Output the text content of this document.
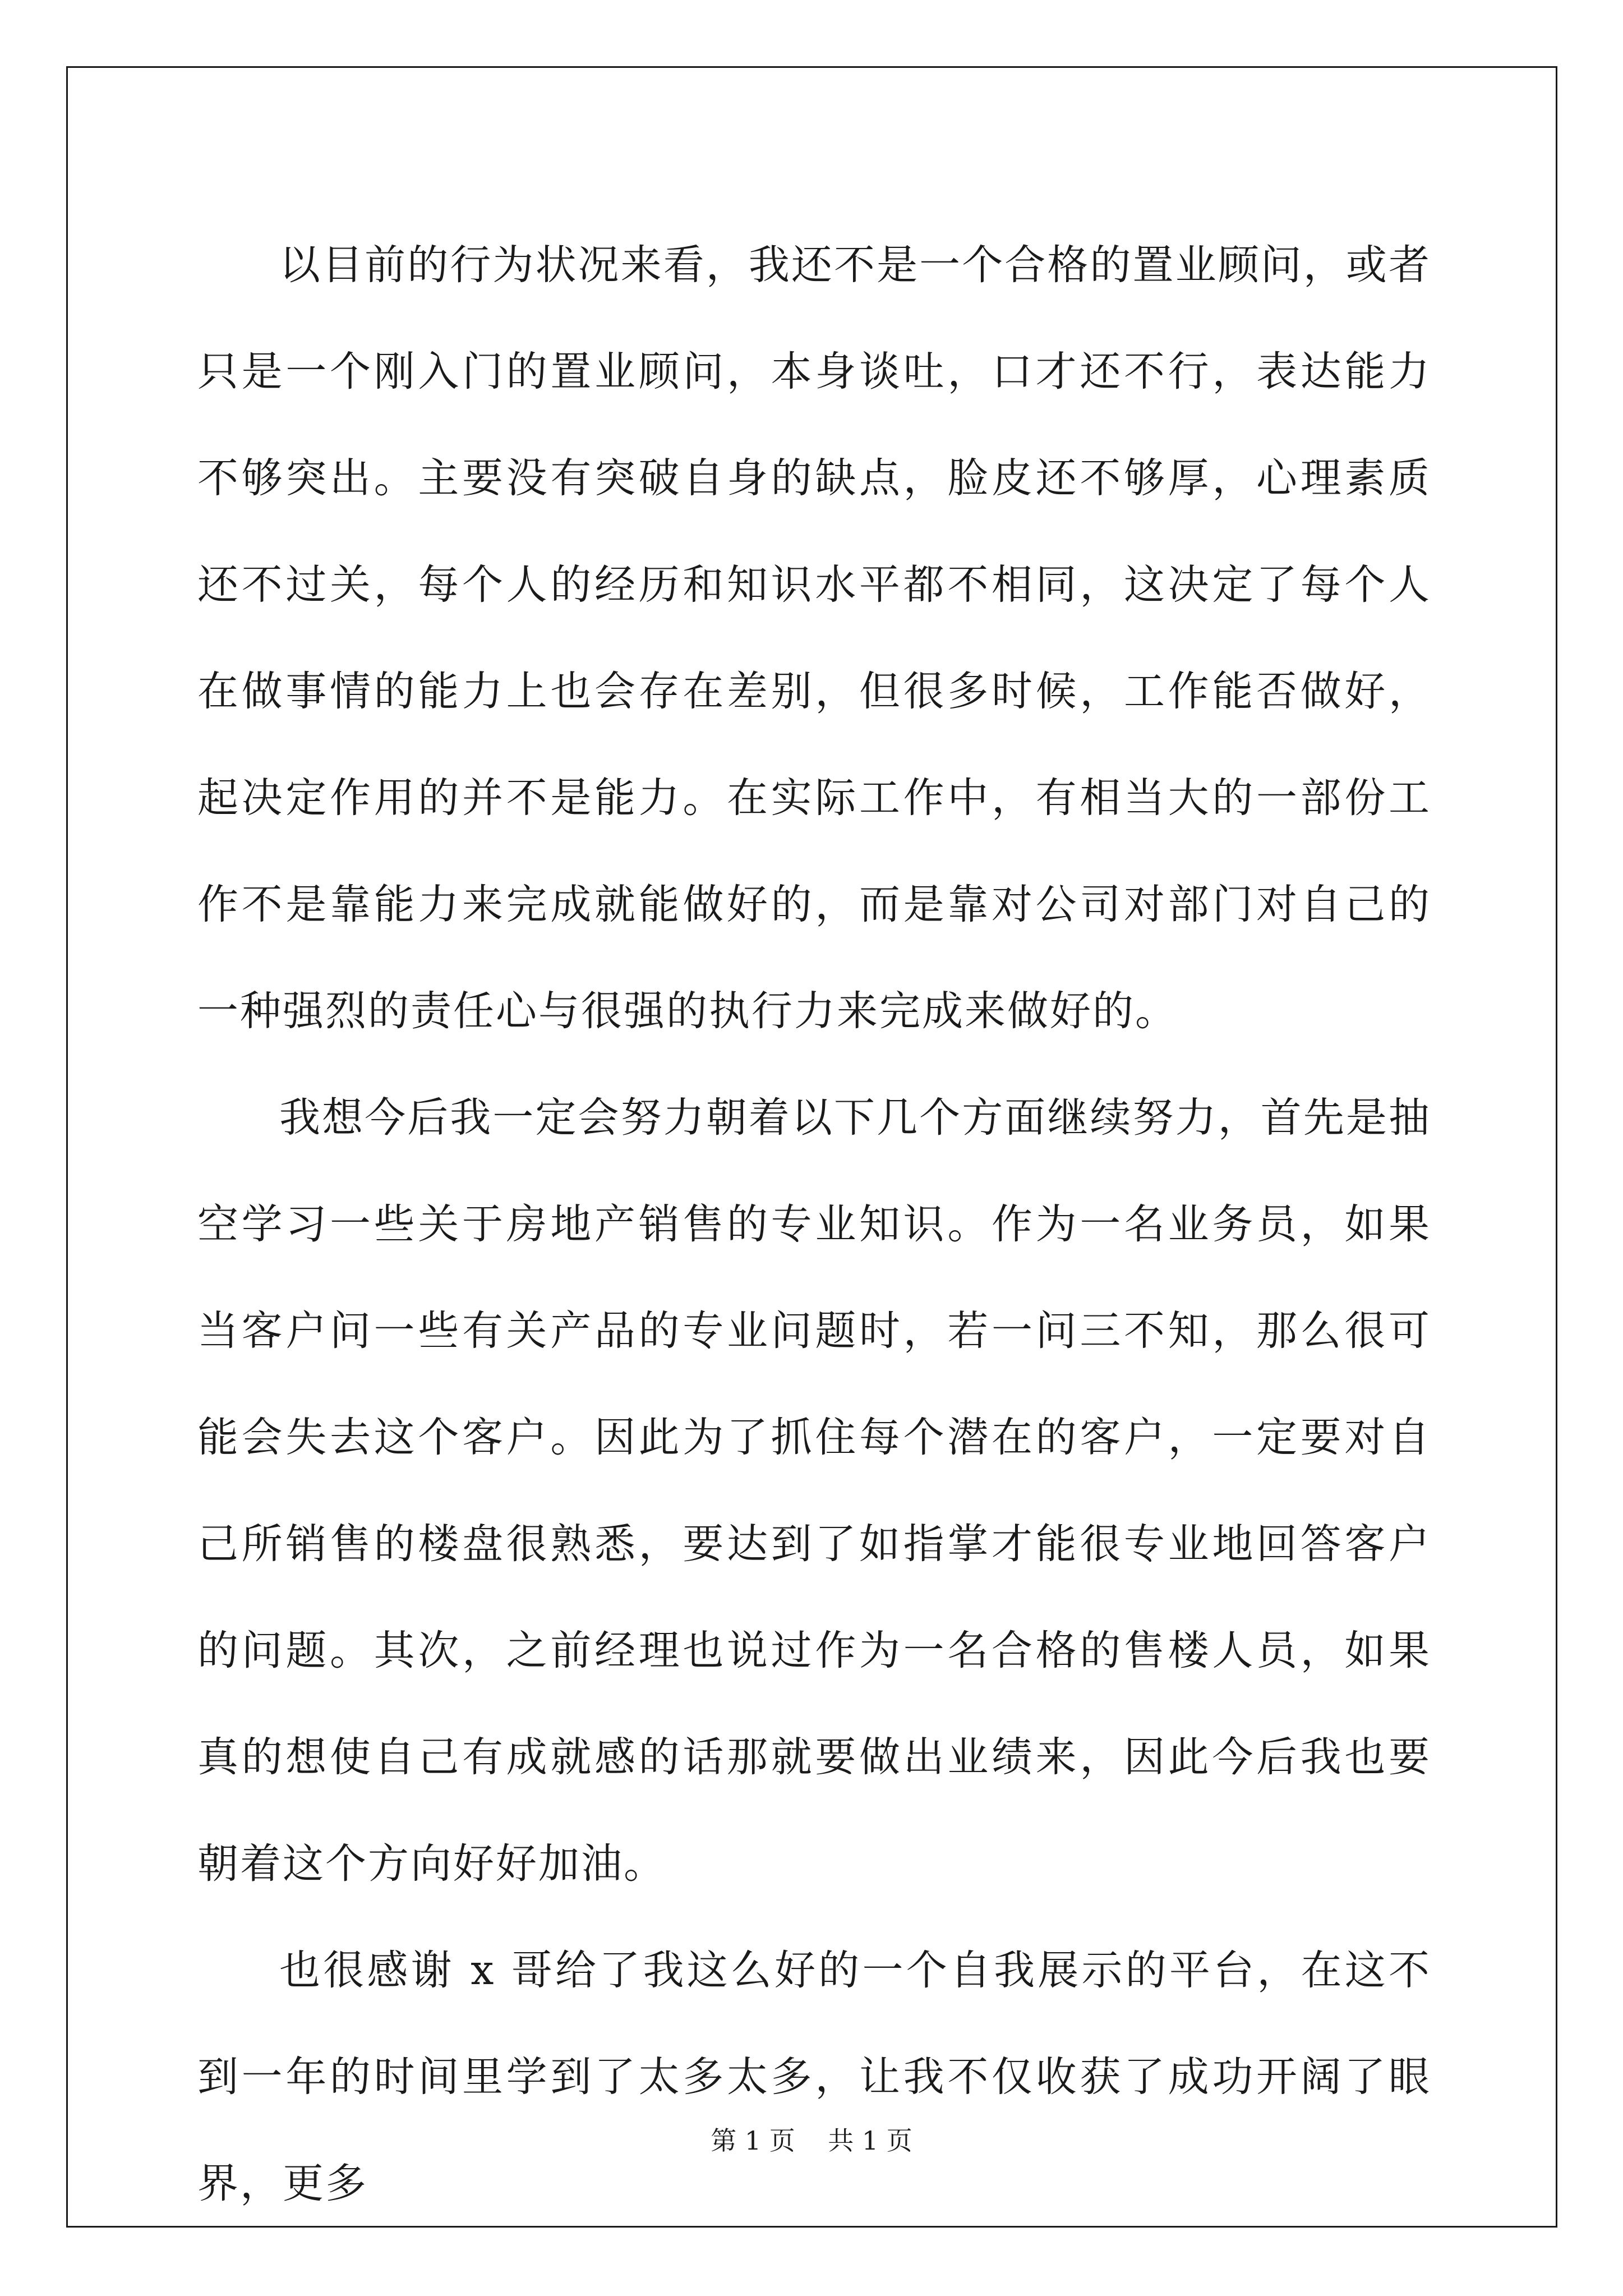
以目前的行为状况来看，我还不是一个合格的置业顾问，或者只是一个刚入门的置业顾问，本身谈吐，口才还不行，表达能力不够突出。主要没有突破自身的缺点，脸皮还不够厚，心理素质还不过关，每个人的经历和知识水平都不相同，这决定了每个人在做事情的能力上也会存在差别，但很多时候，工作能否做好，起决定作用的并不是能力。在实际工作中，有相当大的一部份工作不是靠能力来完成就能做好的，而是靠对公司对部门对自己的一种强烈的责任心与很强的执行力来完成来做好的。

我想今后我一定会努力朝着以下几个方面继续努力，首先是抽空学习一些关于房地产销售的专业知识。作为一名业务员，如果当客户问一些有关产品的专业问题时，若一问三不知，那么很可能会失去这个客户。因此为了抓住每个潜在的客户，一定要对自己所销售的楼盘很熟悉，要达到了如指掌才能很专业地回答客户的问题。其次，之前经理也说过作为一名合格的售楼人员，如果真的想使自己有成就感的话那就要做出业绩来，因此今后我也要朝着这个方向好好加油。

也很感谢 x 哥给了我这么好的一个自我展示的平台，在这不到一年的时间里学到了太多太多，让我不仅收获了成功开阔了眼界，更多

第 1 页    共 1 页
